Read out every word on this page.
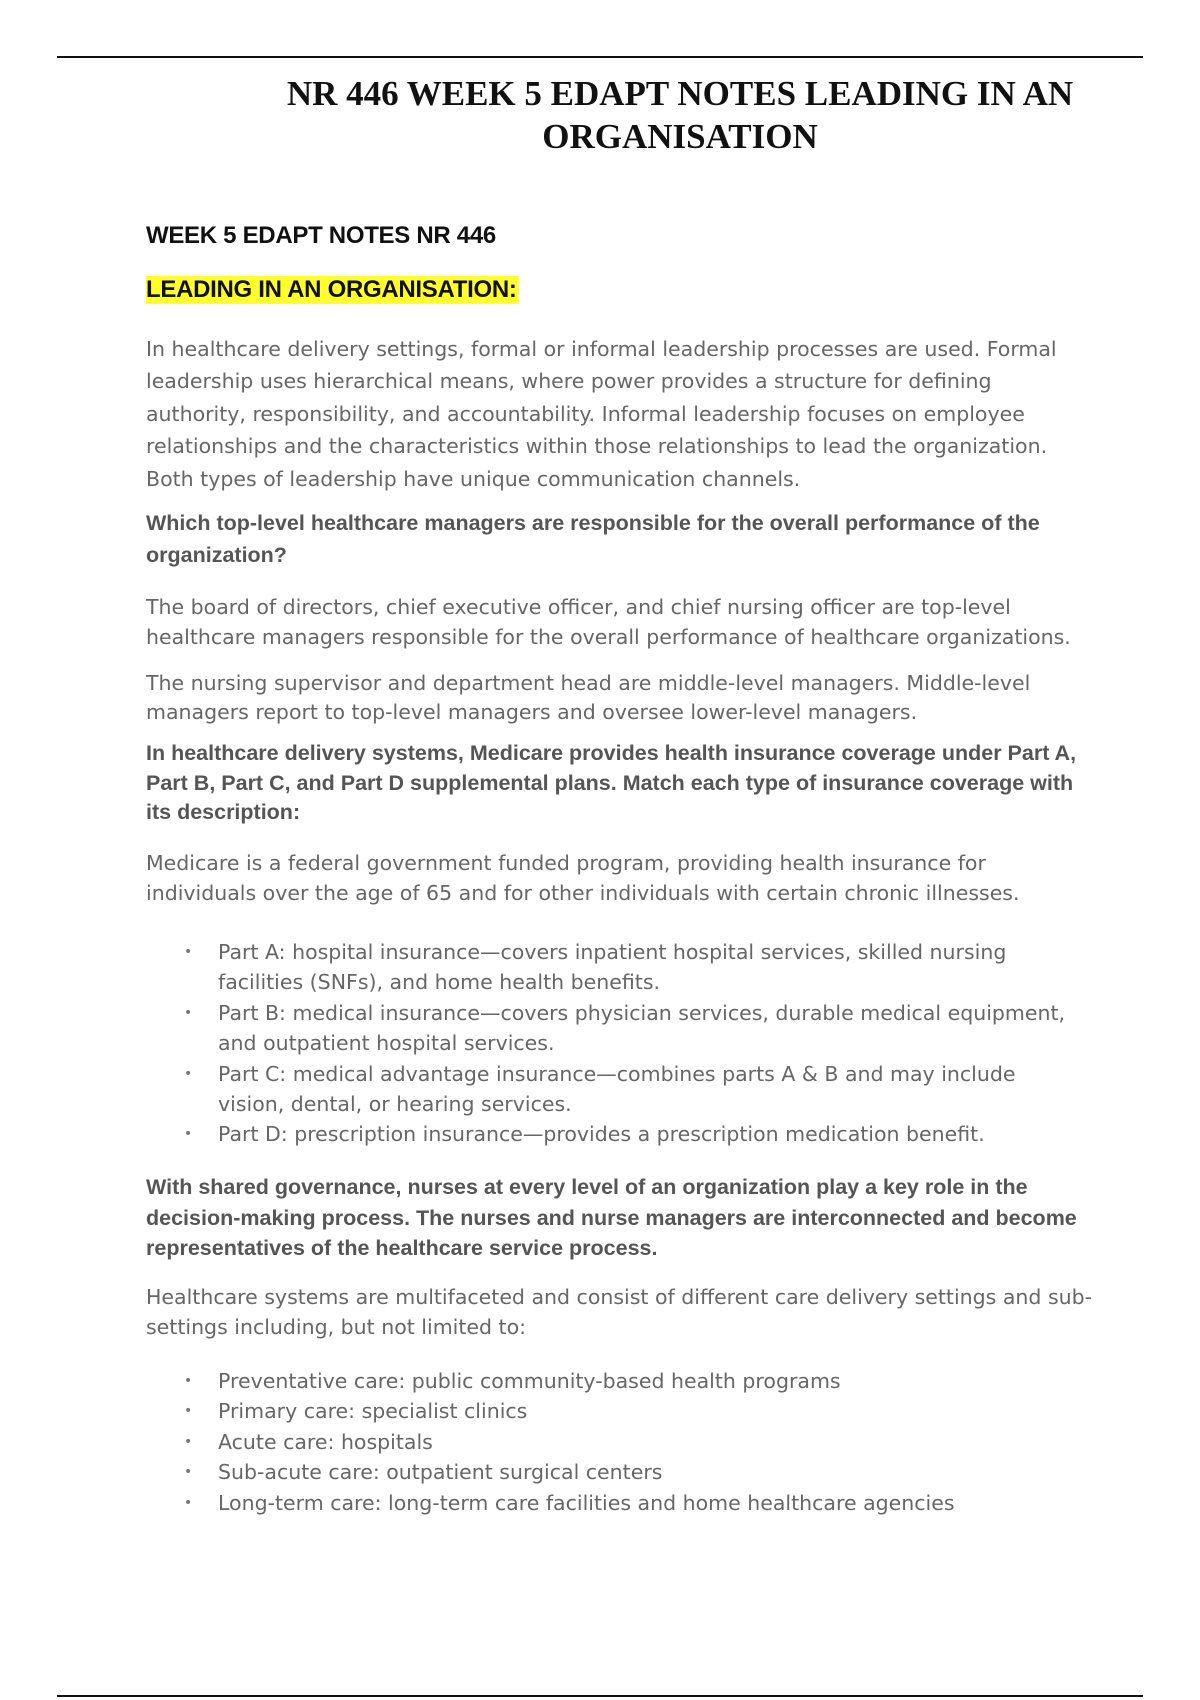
NR 446 WEEK 5 EDAPT NOTES LEADING IN AN ORGANISATION
WEEK 5 EDAPT NOTES NR 446
LEADING IN AN ORGANISATION:
In healthcare delivery settings, formal or informal leadership processes are used. Formal leadership uses hierarchical means, where power provides a structure for defining authority, responsibility, and accountability. Informal leadership focuses on employee relationships and the characteristics within those relationships to lead the organization. Both types of leadership have unique communication channels.
Which top-level healthcare managers are responsible for the overall performance of the organization?
The board of directors, chief executive officer, and chief nursing officer are top-level healthcare managers responsible for the overall performance of healthcare organizations.
The nursing supervisor and department head are middle-level managers. Middle-level managers report to top-level managers and oversee lower-level managers.
In healthcare delivery systems, Medicare provides health insurance coverage under Part A, Part B, Part C, and Part D supplemental plans. Match each type of insurance coverage with its description:
Medicare is a federal government funded program, providing health insurance for individuals over the age of 65 and for other individuals with certain chronic illnesses.
• Part A: hospital insurance—covers inpatient hospital services, skilled nursing facilities (SNFs), and home health benefits.
• Part B: medical insurance—covers physician services, durable medical equipment, and outpatient hospital services.
• Part C: medical advantage insurance—combines parts A & B and may include vision, dental, or hearing services.
• Part D: prescription insurance—provides a prescription medication benefit.
With shared governance, nurses at every level of an organization play a key role in the decision-making process. The nurses and nurse managers are interconnected and become representatives of the healthcare service process.
Healthcare systems are multifaceted and consist of different care delivery settings and sub-settings including, but not limited to:
• Preventative care: public community-based health programs
• Primary care: specialist clinics
• Acute care: hospitals
• Sub-acute care: outpatient surgical centers
• Long-term care: long-term care facilities and home healthcare agencies
